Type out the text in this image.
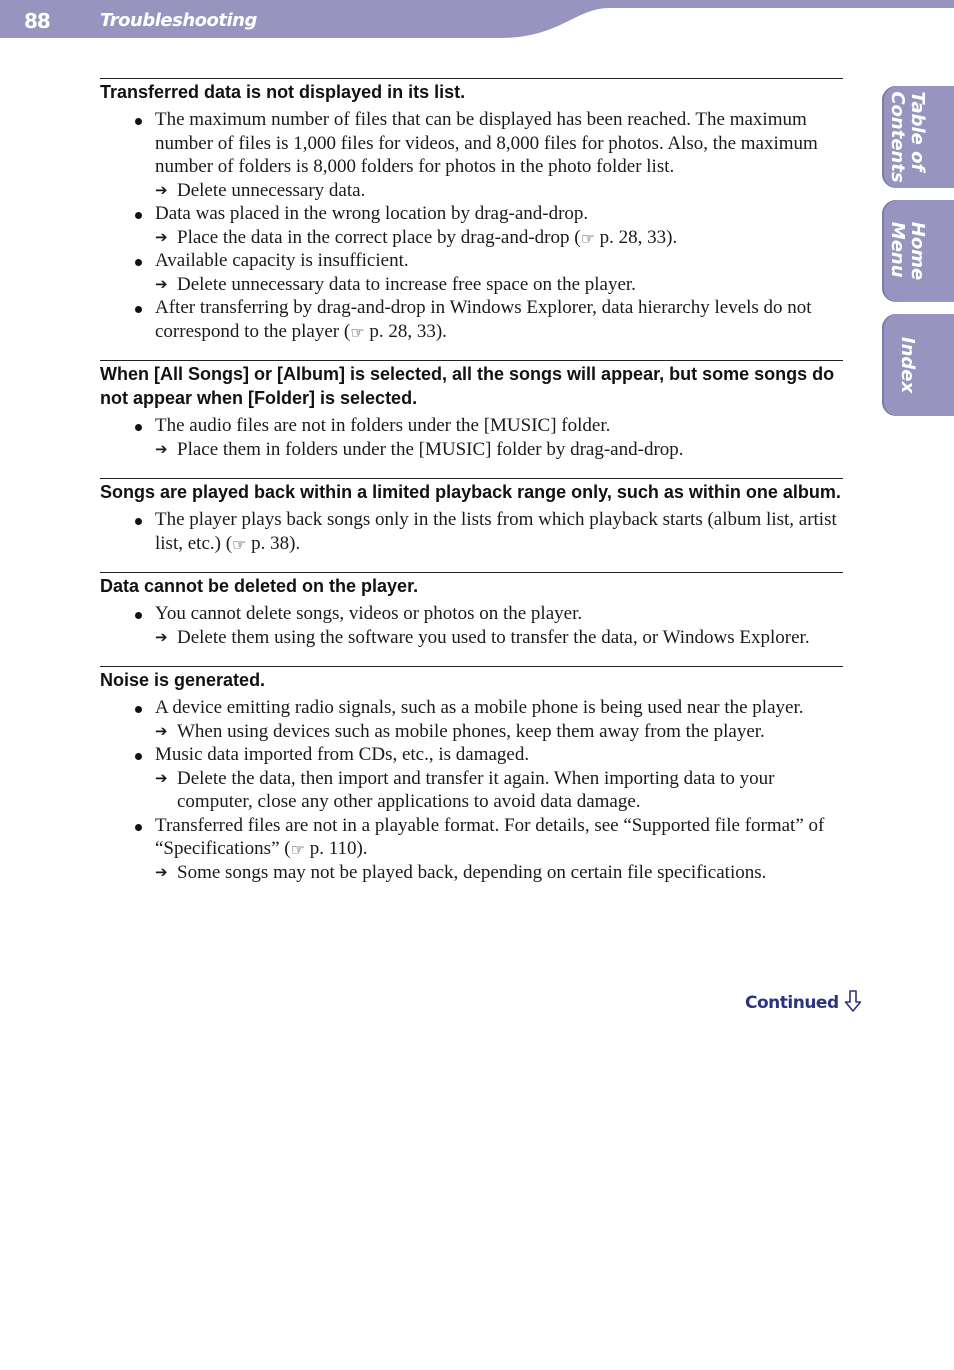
88	Troubleshooting
Table of
Contents
Home
Menu
Index
Transferred data is not displayed in its list.
The maximum number of files that can be displayed has been reached. The maximum number of files is 1,000 files for videos, and 8,000 files for photos. Also, the maximum number of folders is 8,000 folders for photos in the photo folder list.
➔ Delete unnecessary data.
Data was placed in the wrong location by drag-and-drop.
➔ Place the data in the correct place by drag-and-drop (☞ p. 28, 33).
Available capacity is insufficient.
➔ Delete unnecessary data to increase free space on the player.
After transferring by drag-and-drop in Windows Explorer, data hierarchy levels do not correspond to the player (☞ p. 28, 33).
When [All Songs] or [Album] is selected, all the songs will appear, but some songs do not appear when [Folder] is selected.
The audio files are not in folders under the [MUSIC] folder.
➔ Place them in folders under the [MUSIC] folder by drag-and-drop.
Songs are played back within a limited playback range only, such as within one album.
The player plays back songs only in the lists from which playback starts (album list, artist list, etc.) (☞ p. 38).
Data cannot be deleted on the player.
You cannot delete songs, videos or photos on the player.
➔ Delete them using the software you used to transfer the data, or Windows Explorer.
Noise is generated.
A device emitting radio signals, such as a mobile phone is being used near the player.
➔ When using devices such as mobile phones, keep them away from the player.
Music data imported from CDs, etc., is damaged.
➔ Delete the data, then import and transfer it again. When importing data to your computer, close any other applications to avoid data damage.
Transferred files are not in a playable format. For details, see “Supported file format” of “Specifications” (☞ p. 110).
➔ Some songs may not be played back, depending on certain file specifications.
Continued
